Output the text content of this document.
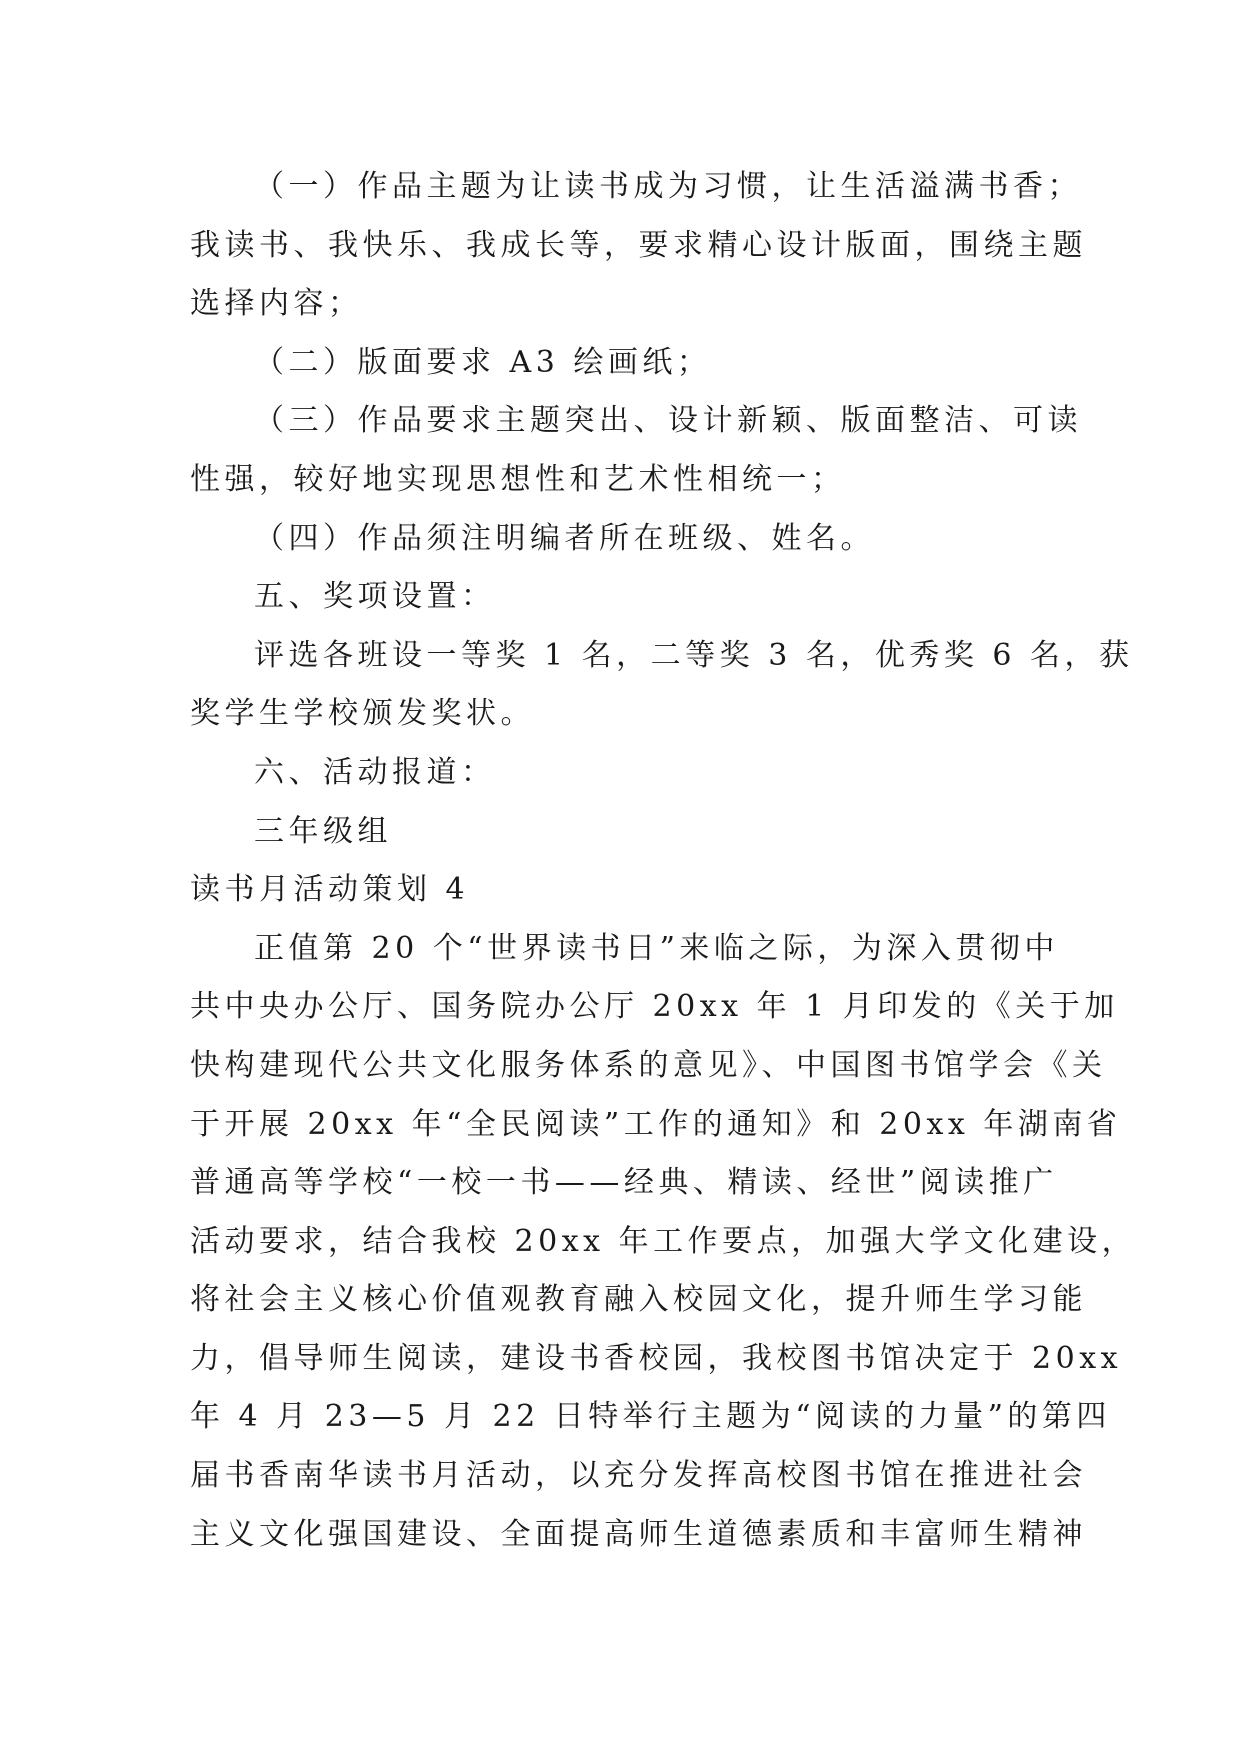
（一）作品主题为让读书成为习惯，让生活溢满书香；
我读书、我快乐、我成长等，要求精心设计版面，围绕主题
选择内容；
（二）版面要求 A3 绘画纸；
（三）作品要求主题突出、设计新颖、版面整洁、可读
性强，较好地实现思想性和艺术性相统一；
（四）作品须注明编者所在班级、姓名。
五、奖项设置：
评选各班设一等奖 1 名，二等奖 3 名，优秀奖 6 名，获
奖学生学校颁发奖状。
六、活动报道：
三年级组
读书月活动策划 4
正值第 20 个“世界读书日”来临之际，为深入贯彻中
共中央办公厅、国务院办公厅 20xx 年 1 月印发的《关于加
快构建现代公共文化服务体系的意见》、中国图书馆学会《关
于开展 20xx 年“全民阅读”工作的通知》和 20xx 年湖南省
普通高等学校“一校一书——经典、精读、经世”阅读推广
活动要求，结合我校 20xx 年工作要点，加强大学文化建设，
将社会主义核心价值观教育融入校园文化，提升师生学习能
力，倡导师生阅读，建设书香校园，我校图书馆决定于 20xx
年 4 月 23—5 月 22 日特举行主题为“阅读的力量”的第四
届书香南华读书月活动，以充分发挥高校图书馆在推进社会
主义文化强国建设、全面提高师生道德素质和丰富师生精神
